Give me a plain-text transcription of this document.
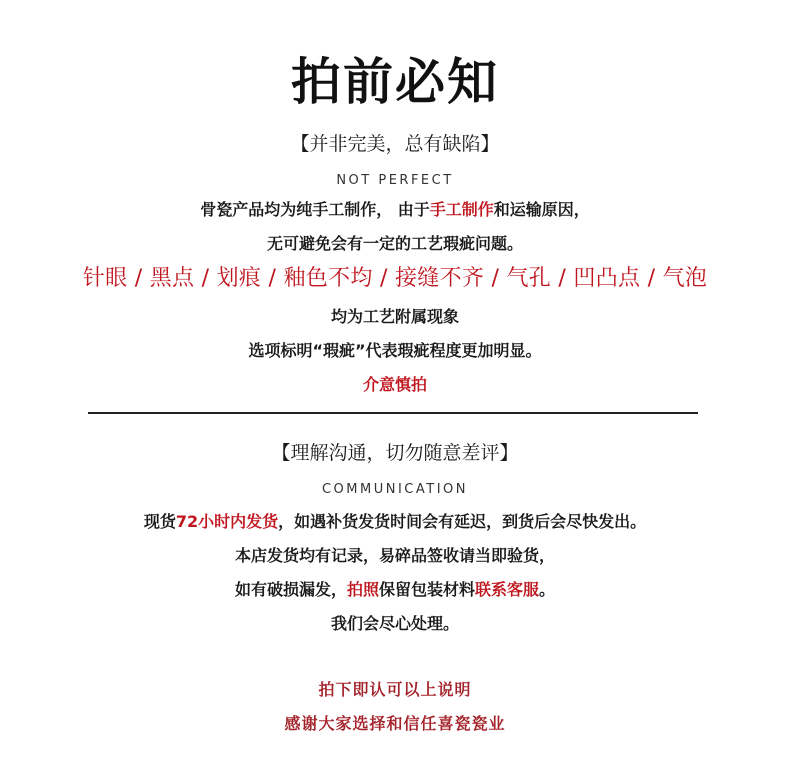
拍前必知
【并非完美，总有缺陷】
NOT PERFECT
骨瓷产品均为纯手工制作， 由于手工制作和运输原因，
无可避免会有一定的工艺瑕疵问题。
针眼 / 黑点 / 划痕 / 釉色不均 / 接缝不齐 / 气孔 / 凹凸点 / 气泡
均为工艺附属现象
选项标明“瑕疵”代表瑕疵程度更加明显。
介意慎拍
【理解沟通，切勿随意差评】
COMMUNICATION
现货72小时内发货，如遇补货发货时间会有延迟，到货后会尽快发出。
本店发货均有记录，易碎品签收请当即验货，
如有破损漏发，拍照保留包装材料联系客服。
我们会尽心处理。
拍下即认可以上说明
感谢大家选择和信任喜瓷瓷业
